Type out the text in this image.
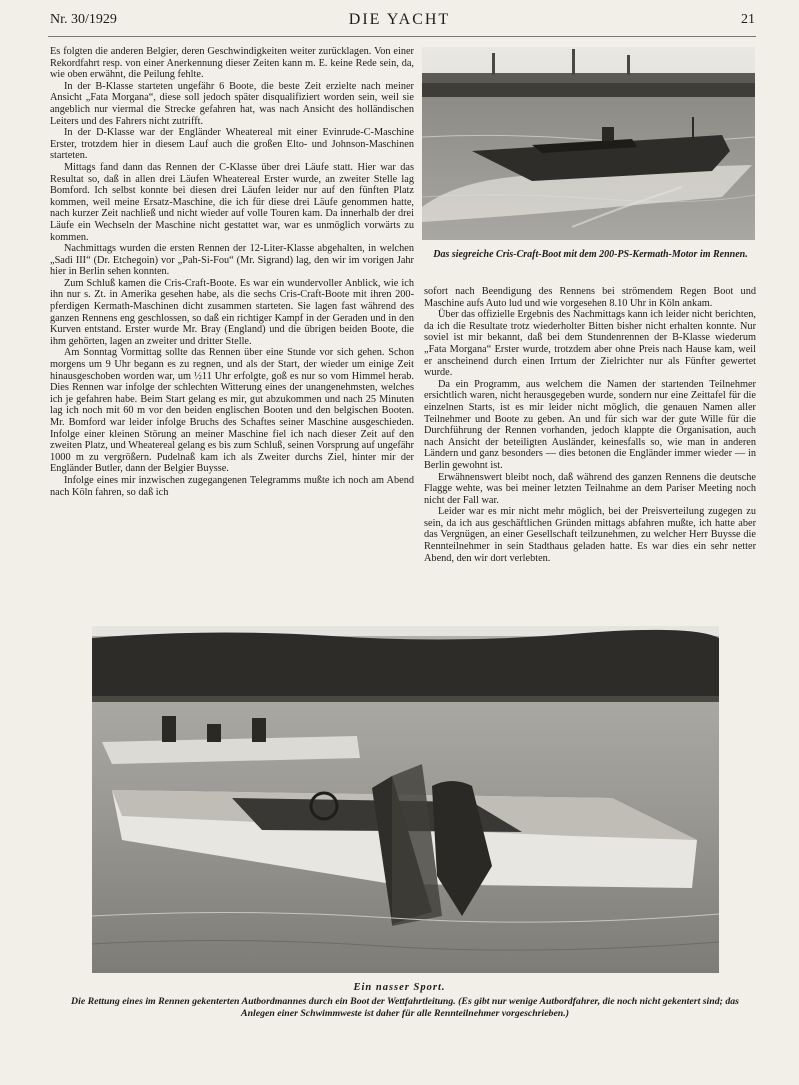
Nr. 30/1929	DIE YACHT	21

Es folgten die anderen Belgier, deren Geschwindigkeiten weiter zurücklagen. Von einer Rekordfahrt resp. von einer Anerkennung dieser Zeiten kann m. E. keine Rede sein, da, wie oben erwähnt, die Peilung fehlte.

In der B-Klasse starteten ungefähr 6 Boote, die beste Zeit erzielte nach meiner Ansicht „Fata Morgana“, diese soll jedoch später disqualifiziert worden sein, weil sie angeblich nur viermal die Strecke gefahren hat, was nach Ansicht des holländischen Leiters und des Fahrers nicht zutrifft.

In der D-Klasse war der Engländer Wheatereal mit einer Evinrude-C-Maschine Erster, trotzdem hier in diesem Lauf auch die großen Elto- und Johnson-Maschinen starteten.

Mittags fand dann das Rennen der C-Klasse über drei Läufe statt. Hier war das Resultat so, daß in allen drei Läufen Wheatereal Erster wurde, an zweiter Stelle lag Bomford. Ich selbst konnte bei diesen drei Läufen leider nur auf den fünften Platz kommen, weil meine Ersatz-Maschine, die ich für diese drei Läufe genommen hatte, nach kurzer Zeit nachließ und nicht wieder auf volle Touren kam. Da innerhalb der drei Läufe ein Wechseln der Maschine nicht gestattet war, war es unmöglich vorwärts zu kommen.

Nachmittags wurden die ersten Rennen der 12-Liter-Klasse abgehalten, in welchen „Sadi III“ (Dr. Etchegoin) vor „Pah-Si-Fou“ (Mr. Sigrand) lag, den wir im vorigen Jahr hier in Berlin sehen konnten.

Zum Schluß kamen die Cris-Craft-Boote. Es war ein wundervoller Anblick, wie ich ihn nur s. Zt. in Amerika gesehen habe, als die sechs Cris-Craft-Boote mit ihren 200-pferdigen Kermath-Maschinen dicht zusammen starteten. Sie lagen fast während des ganzen Rennens eng geschlossen, so daß ein richtiger Kampf in der Geraden und in den Kurven entstand. Erster wurde Mr. Bray (England) und die übrigen beiden Boote, die ihm gehörten, lagen an zweiter und dritter Stelle.

Am Sonntag Vormittag sollte das Rennen über eine Stunde vor sich gehen. Schon morgens um 9 Uhr begann es zu regnen, und als der Start, der wieder um einige Zeit hinausgeschoben worden war, um ½11 Uhr erfolgte, goß es nur so vom Himmel herab. Dies Rennen war infolge der schlechten Witterung eines der unangenehmsten, welches ich je gefahren habe. Beim Start gelang es mir, gut abzukommen und nach 25 Minuten lag ich noch mit 60 m vor den beiden englischen Booten und den belgischen Booten. Mr. Bomford war leider infolge Bruchs des Schaftes seiner Maschine ausgeschieden. Infolge einer kleinen Störung an meiner Maschine fiel ich nach dieser Zeit auf den zweiten Platz, und Wheatereal gelang es bis zum Schluß, seinen Vorsprung auf ungefähr 1000 m zu vergrößern. Pudelnaß kam ich als Zweiter durchs Ziel, hinter mir der Engländer Butler, dann der Belgier Buysse.

Infolge eines mir inzwischen zugegangenen Telegramms mußte ich noch am Abend nach Köln fahren, so daß ich

Das siegreiche Cris-Craft-Boot mit dem 200-PS-Kermath-Motor im Rennen.

sofort nach Beendigung des Rennens bei strömendem Regen Boot und Maschine aufs Auto lud und wie vorgesehen 8.10 Uhr in Köln ankam.

Über das offizielle Ergebnis des Nachmittags kann ich leider nicht berichten, da ich die Resultate trotz wiederholter Bitten bisher nicht erhalten konnte. Nur soviel ist mir bekannt, daß bei dem Stundenrennen der B-Klasse wiederum „Fata Morgana“ Erster wurde, trotzdem aber ohne Preis nach Hause kam, weil er anscheinend durch einen Irrtum der Zielrichter nur als Fünfter gewertet wurde.

Da ein Programm, aus welchem die Namen der startenden Teilnehmer ersichtlich waren, nicht herausgegeben wurde, sondern nur eine Zeittafel für die einzelnen Starts, ist es mir leider nicht möglich, die genauen Namen aller Teilnehmer und Boote zu geben. An und für sich war der gute Wille für die Durchführung der Rennen vorhanden, jedoch klappte die Organisation, auch nach Ansicht der beteiligten Ausländer, keinesfalls so, wie man in anderen Ländern und ganz besonders — dies betonen die Engländer immer wieder — in Berlin gewohnt ist.

Erwähnenswert bleibt noch, daß während des ganzen Rennens die deutsche Flagge wehte, was bei meiner letzten Teilnahme an dem Pariser Meeting noch nicht der Fall war.

Leider war es mir nicht mehr möglich, bei der Preisverteilung zugegen zu sein, da ich aus geschäftlichen Gründen mittags abfahren mußte, ich hatte aber das Vergnügen, an einer Gesellschaft teilzunehmen, zu welcher Herr Buysse die Rennteilnehmer in sein Stadthaus geladen hatte. Es war dies ein sehr netter Abend, den wir dort verlebten.

Ein nasser Sport.
Die Rettung eines im Rennen gekenterten Autbordmannes durch ein Boot der Wettfahrtleitung. (Es gibt nur wenige Autbordfahrer, die noch nicht gekentert sind; das Anlegen einer Schwimmweste ist daher für alle Rennteilnehmer vorgeschrieben.)
